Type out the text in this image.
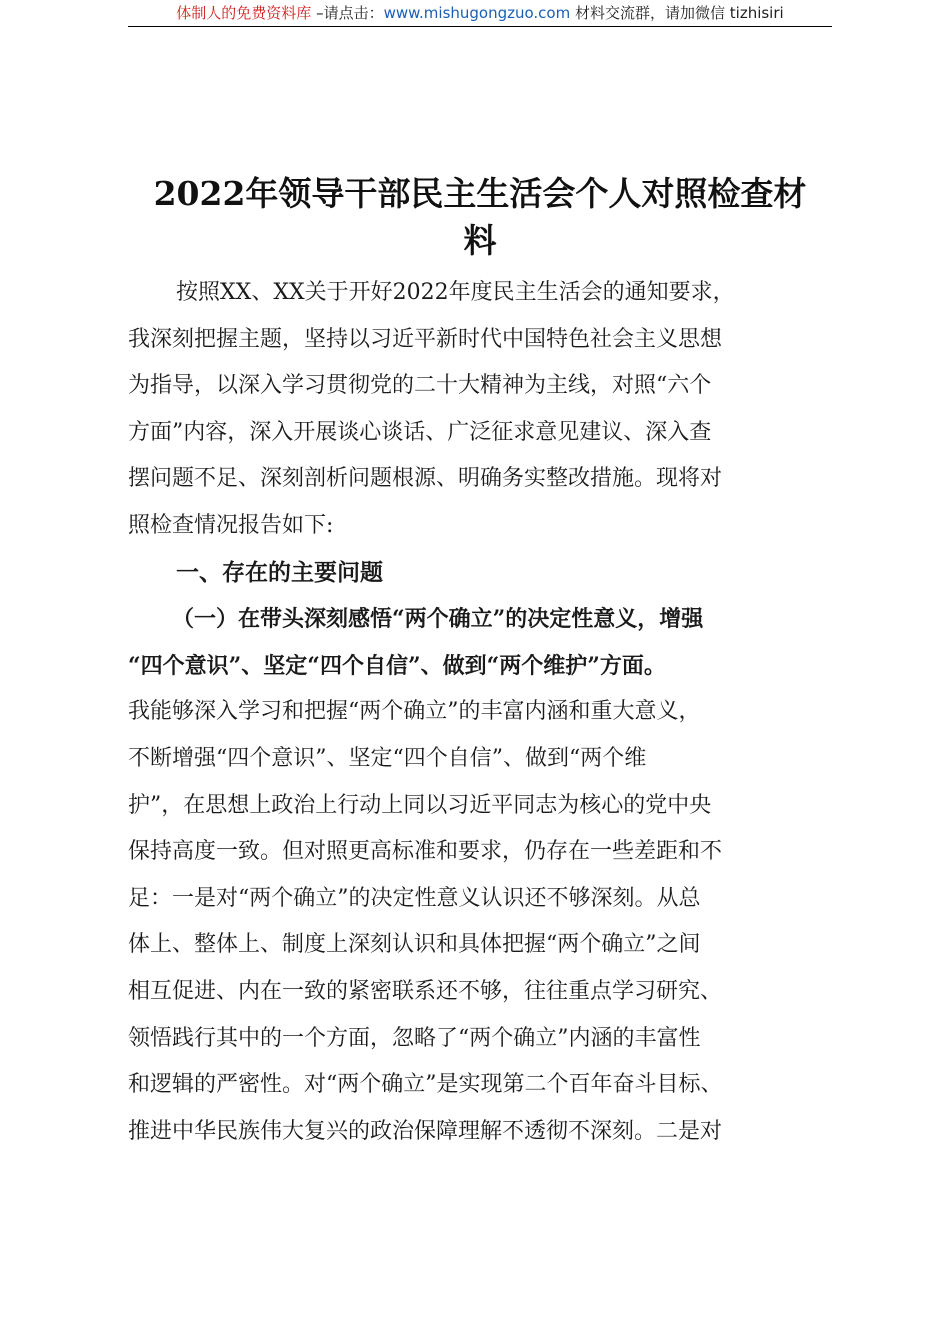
体制人的免费资料库 –请点击：www.mishugongzuo.com 材料交流群，请加微信 tizhisiri
2022年领导干部民主生活会个人对照检查材
料
按照XX、XX关于开好2022年度民主生活会的通知要求，
我深刻把握主题，坚持以习近平新时代中国特色社会主义思想
为指导，以深入学习贯彻党的二十大精神为主线，对照“六个
方面”内容，深入开展谈心谈话、广泛征求意见建议、深入查
摆问题不足、深刻剖析问题根源、明确务实整改措施。现将对
照检查情况报告如下:
一、存在的主要问题
（一）在带头深刻感悟“两个确立”的决定性意义，增强
“四个意识”、坚定“四个自信”、做到“两个维护”方面。
我能够深入学习和把握“两个确立”的丰富内涵和重大意义，
不断增强“四个意识”、坚定“四个自信”、做到“两个维
护”，在思想上政治上行动上同以习近平同志为核心的党中央
保持高度一致。但对照更高标准和要求，仍存在一些差距和不
足：一是对“两个确立”的决定性意义认识还不够深刻。从总
体上、整体上、制度上深刻认识和具体把握“两个确立”之间
相互促进、内在一致的紧密联系还不够，往往重点学习研究、
领悟践行其中的一个方面，忽略了“两个确立”内涵的丰富性
和逻辑的严密性。对“两个确立”是实现第二个百年奋斗目标、
推进中华民族伟大复兴的政治保障理解不透彻不深刻。二是对
